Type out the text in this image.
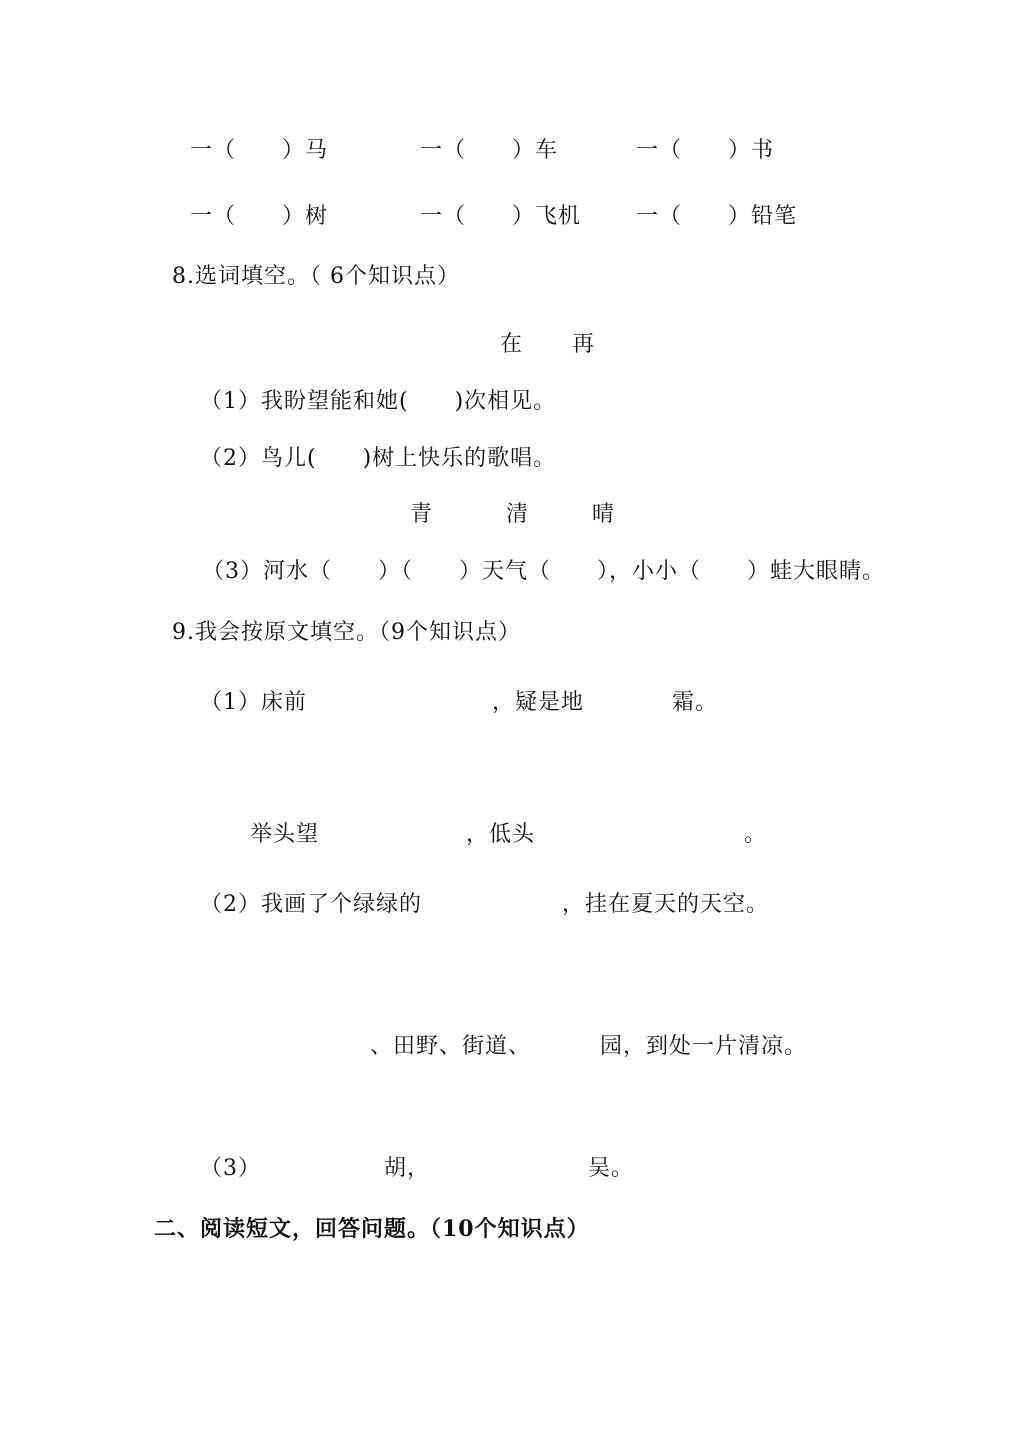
一（　　）马	一（　　）车	一（　　）书
一（　　）树	一（　　）飞机 一（　　）铅笔
8.选词填空。（ 6个知识点）
在 再
（1）我盼望能和她(　　)次相见。
（2）鸟儿(　　)树上快乐的歌唱。
青	清	晴
（3）河水（　　）（　　）天气（　　），小小（　　）蛙大眼睛。
9.我会按原文填空。（9个知识点）
（1）床前	，疑是地	霜。
举头望	，低头	。
（2）我画了个绿绿的	，挂在夏天的天空。
、田野、街道、	园，到处一片清凉。
（3）	胡，	吴。
二、阅读短文，回答问题。（10个知识点）
